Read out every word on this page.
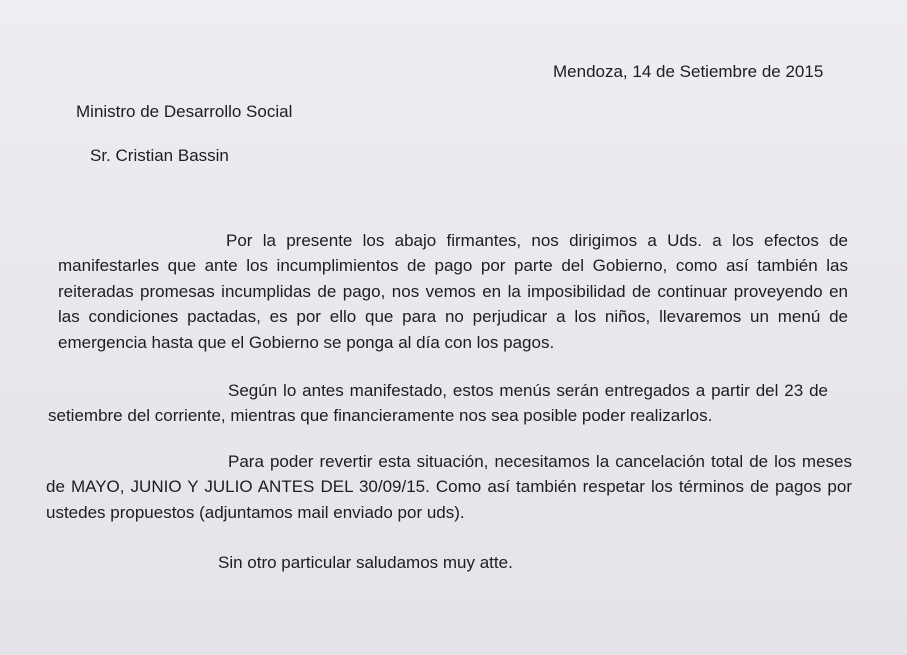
Mendoza, 14 de Setiembre de 2015
Ministro de Desarrollo Social
Sr. Cristian Bassin

Por la presente los abajo firmantes, nos dirigimos a Uds. a los efectos de manifestarles que ante los incumplimientos de pago por parte del Gobierno, como así también las reiteradas promesas incumplidas de pago, nos vemos en la imposibilidad de continuar proveyendo en las condiciones pactadas, es por ello que para no perjudicar a los niños, llevaremos un menú de emergencia hasta que el Gobierno se ponga al día con los pagos.

Según lo antes manifestado, estos menús serán entregados a partir del 23 de setiembre del corriente, mientras que financieramente nos sea posible poder realizarlos.

Para poder revertir esta situación, necesitamos la cancelación total de los meses de MAYO, JUNIO Y JULIO ANTES DEL 30/09/15. Como así también respetar los términos de pagos por ustedes propuestos (adjuntamos mail enviado por uds).

Sin otro particular saludamos muy atte.
